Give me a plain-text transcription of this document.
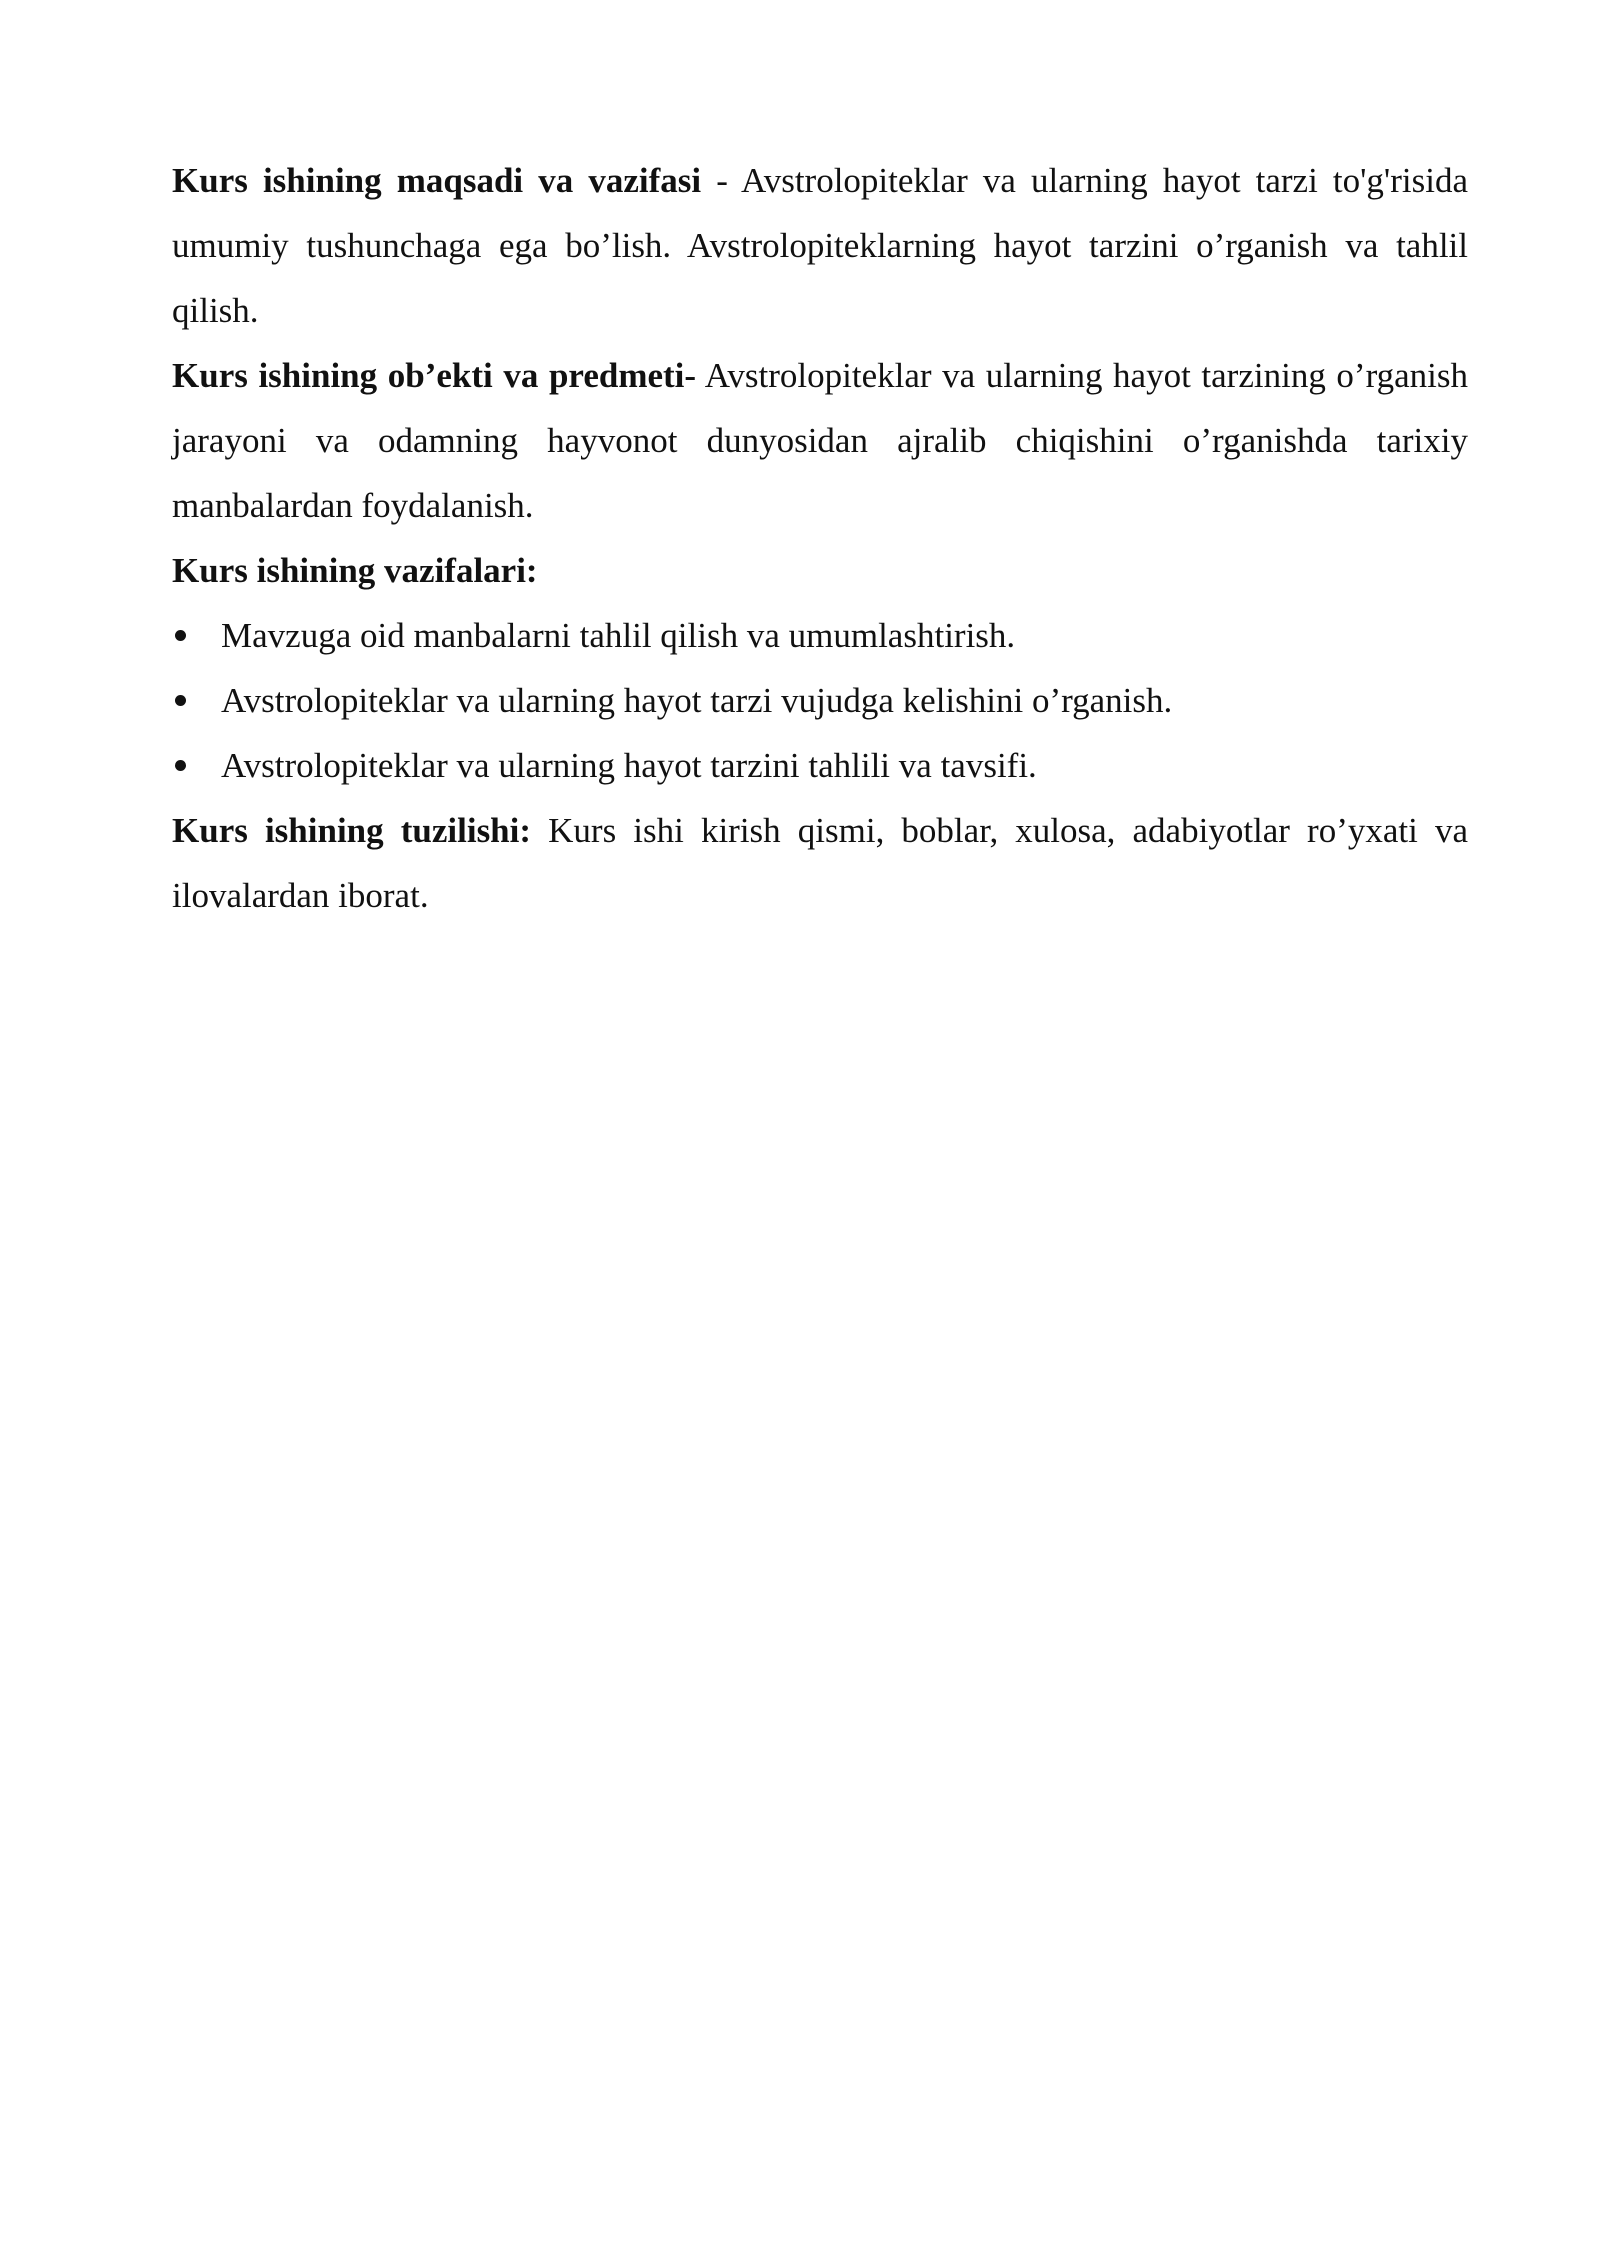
Kurs ishining maqsadi va vazifasi - Avstrolopiteklar va ularning hayot tarzi to'g'risida umumiy tushunchaga ega bo’lish. Avstrolopiteklarning hayot tarzini o’rganish va tahlil qilish.

Kurs ishining ob’ekti va predmeti- Avstrolopiteklar va ularning hayot tarzining o’rganish jarayoni va odamning hayvonot dunyosidan ajralib chiqishini o’rganishda tarixiy manbalardan foydalanish.

Kurs ishining vazifalari:

Mavzuga oid manbalarni tahlil qilish va umumlashtirish.
Avstrolopiteklar va ularning hayot tarzi vujudga kelishini o’rganish.
Avstrolopiteklar va ularning hayot tarzini tahlili va tavsifi.

Kurs ishining tuzilishi: Kurs ishi kirish qismi, boblar, xulosa, adabiyotlar ro’yxati va ilovalardan iborat.
